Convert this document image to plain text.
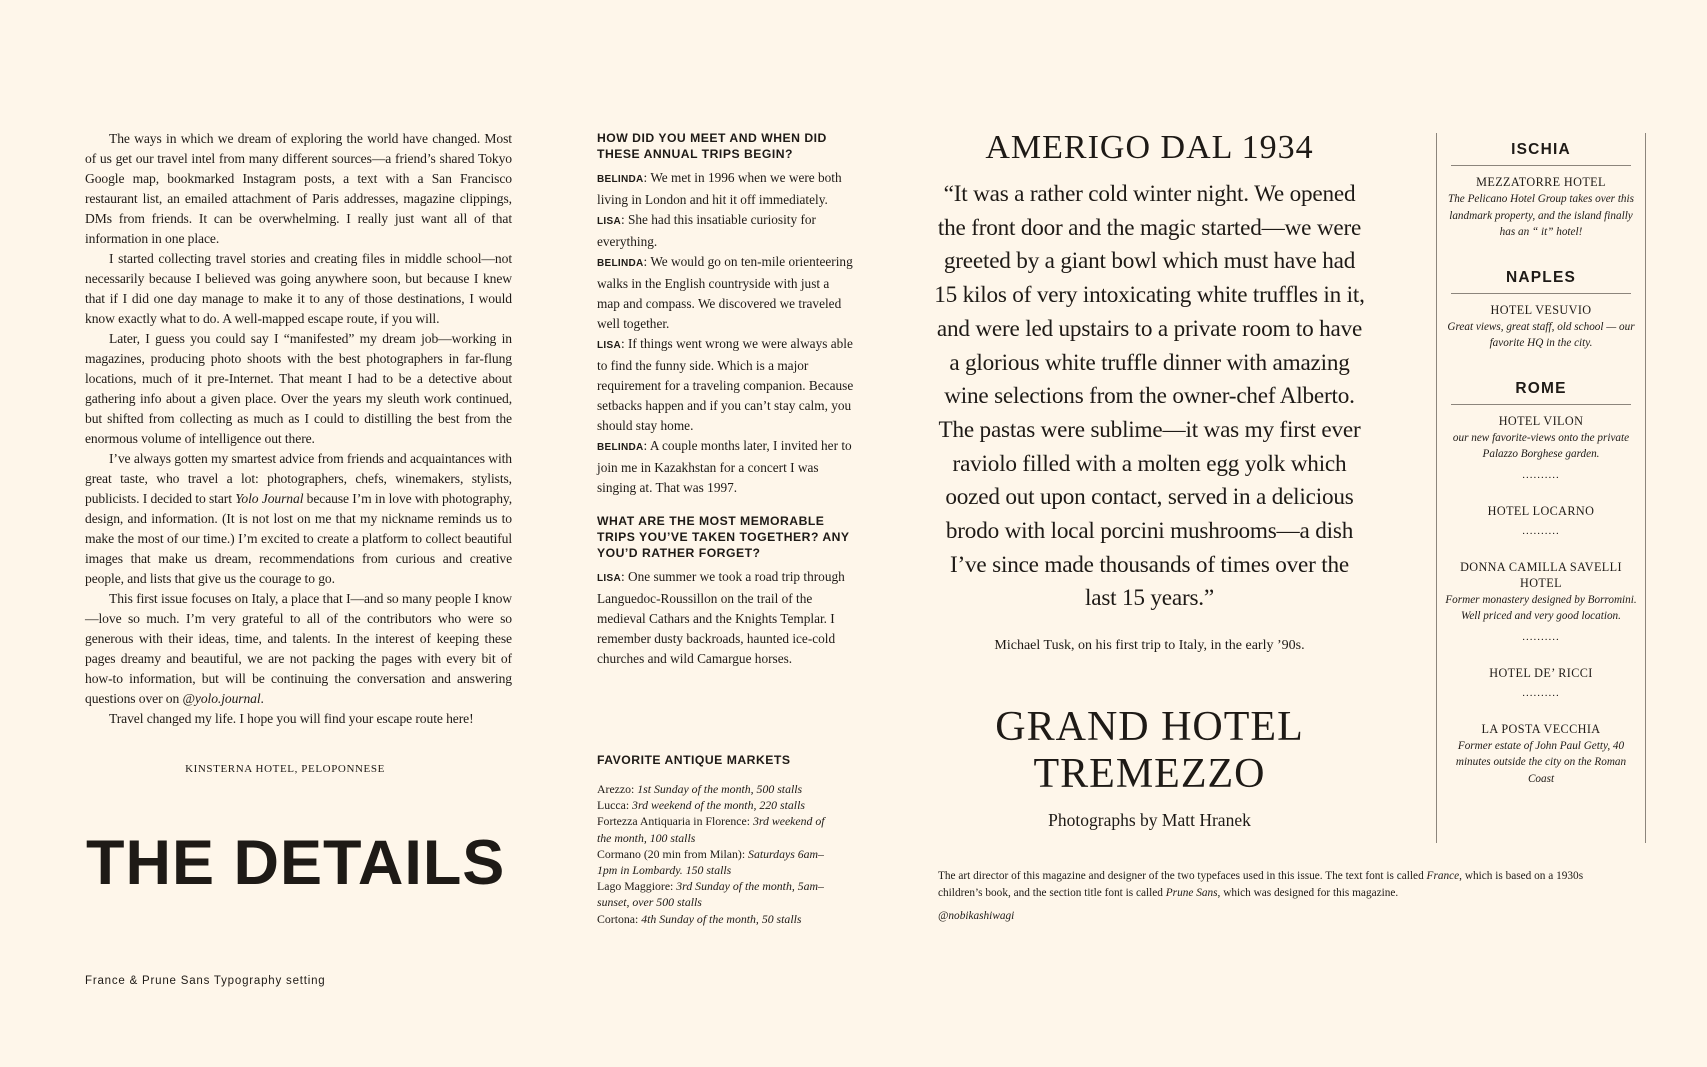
The ways in which we dream of exploring the world have changed. Most of us get our travel intel from many different sources—a friend’s shared Tokyo Google map, bookmarked Instagram posts, a text with a San Francisco restaurant list, an emailed attachment of Paris addresses, magazine clippings, DMs from friends. It can be overwhelming. I really just want all of that information in one place.

I started collecting travel stories and creating files in middle school—not necessarily because I believed was going anywhere soon, but because I knew that if I did one day manage to make it to any of those destinations, I would know exactly what to do. A well-mapped escape route, if you will.

Later, I guess you could say I “manifested” my dream job—working in magazines, producing photo shoots with the best photographers in far-flung locations, much of it pre-Internet. That meant I had to be a detective about gathering info about a given place. Over the years my sleuth work continued, but shifted from collecting as much as I could to distilling the best from the enormous volume of intelligence out there.

I’ve always gotten my smartest advice from friends and acquaintances with great taste, who travel a lot: photographers, chefs, winemakers, stylists, publicists. I decided to start Yolo Journal because I’m in love with photography, design, and information. (It is not lost on me that my nickname reminds us to make the most of our time.) I’m excited to create a platform to collect beautiful images that make us dream, recommendations from curious and creative people, and lists that give us the courage to go.

This first issue focuses on Italy, a place that I—and so many people I know—love so much. I’m very grateful to all of the contributors who were so generous with their ideas, time, and talents. In the interest of keeping these pages dreamy and beautiful, we are not packing the pages with every bit of how-to information, but will be continuing the conversation and answering questions over on @yolo.journal.

Travel changed my life. I hope you will find your escape route here!

KINSTERNA HOTEL, PELOPONNESE
THE DETAILS
France & Prune Sans Typography setting
HOW DID YOU MEET AND WHEN DID THESE ANNUAL TRIPS BEGIN?

BELINDA: We met in 1996 when we were both living in London and hit it off immediately.

LISA: She had this insatiable curiosity for everything.

BELINDA: We would go on ten-mile orienteering walks in the English countryside with just a map and compass. We discovered we traveled well together.

LISA: If things went wrong we were always able to find the funny side. Which is a major requirement for a traveling companion. Because setbacks happen and if you can’t stay calm, you should stay home.

BELINDA: A couple months later, I invited her to join me in Kazakhstan for a concert I was singing at. That was 1997.

WHAT ARE THE MOST MEMORABLE TRIPS YOU’VE TAKEN TOGETHER? ANY YOU’D RATHER FORGET?

LISA: One summer we took a road trip through Languedoc-Roussillon on the trail of the medieval Cathars and the Knights Templar. I remember dusty backroads, haunted ice-cold churches and wild Camargue horses.

FAVORITE ANTIQUE MARKETS
Arezzo: 1st Sunday of the month, 500 stalls
Lucca: 3rd weekend of the month, 220 stalls
Fortezza Antiquaria in Florence: 3rd weekend of the month, 100 stalls
Cormano (20 min from Milan): Saturdays 6am–1pm in Lombardy. 150 stalls
Lago Maggiore: 3rd Sunday of the month, 5am–sunset, over 500 stalls
Cortona: 4th Sunday of the month, 50 stalls
AMERIGO DAL 1934

“It was a rather cold winter night. We opened the front door and the magic started—we were greeted by a giant bowl which must have had 15 kilos of very intoxicating white truffles in it, and were led upstairs to a private room to have a glorious white truffle dinner with amazing wine selections from the owner-chef Alberto. The pastas were sublime—it was my first ever raviolo filled with a molten egg yolk which oozed out upon contact, served in a delicious brodo with local porcini mushrooms—a dish I’ve since made thousands of times over the last 15 years.”

Michael Tusk, on his first trip to Italy, in the early ’90s.
GRAND HOTEL TREMEZZO
Photographs by Matt Hranek
The art director of this magazine and designer of the two typefaces used in this issue. The text font is called France, which is based on a 1930s children’s book, and the section title font is called Prune Sans, which was designed for this magazine.
@nobikashiwagi
ISCHIA
MEZZATORRE HOTEL
The Pelicano Hotel Group takes over this landmark property, and the island finally has an “ it” hotel!
NAPLES
HOTEL VESUVIO
Great views, great staff, old school — our favorite HQ in the city.
ROME
HOTEL VILON
our new favorite-views onto the private Palazzo Borghese garden.
..........
HOTEL LOCARNO
..........
DONNA CAMILLA SAVELLI HOTEL
Former monastery designed by Borromini. Well priced and very good location.
..........
HOTEL DE’ RICCI
..........
LA POSTA VECCHIA
Former estate of John Paul Getty, 40 minutes outside the city on the Roman Coast
